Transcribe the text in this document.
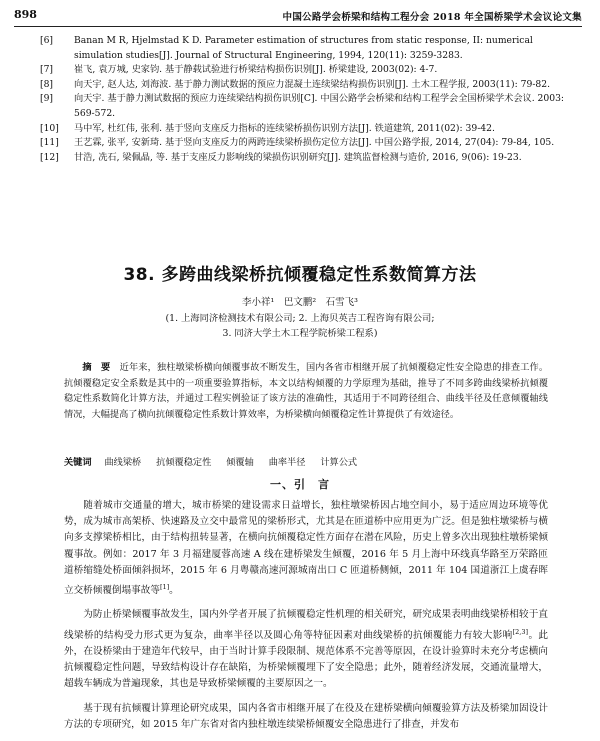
898	中国公路学会桥梁和结构工程分会 2018 年全国桥梁学术会议论文集

[6] Banan M R, Hjelmstad K D. Parameter estimation of structures from static response, II: numerical simulation studies[J]. Journal of Structural Engineering, 1994, 120(11): 3259-3283.

[7] 崔飞, 袁万城, 史家钧. 基于静载试验进行桥梁结构损伤识别[J]. 桥梁建设, 2003(02): 4-7.

[8] 向天宇, 赵人达, 刘海波. 基于静力测试数据的预应力混凝土连续梁结构损伤识别[J]. 土木工程学报, 2003(11): 79-82.

[9] 向天宇. 基于静力测试数据的预应力连续梁结构损伤识别[C]. 中国公路学会桥梁和结构工程学会全国桥梁学术会议. 2003: 569-572.

[10] 马中军, 杜红伟, 张利. 基于竖向支座反力指标的连续梁桥损伤识别方法[J]. 铁道建筑, 2011(02): 39-42.

[11] 王艺霖, 张平, 安新琦. 基于竖向支座反力的两跨连续梁桥损伤定位方法[J]. 中国公路学报, 2014, 27(04): 79-84, 105.

[12] 甘浩, 冼石, 梁佩晶, 等. 基于支座反力影响线的梁损伤识别研究[J]. 建筑监督检测与造价, 2016, 9(06): 19-23.

38. 多跨曲线梁桥抗倾覆稳定性系数简算方法
李小祥¹　巴文鹏²　石雪飞³
(1. 上海同济检测技术有限公司; 2. 上海贝英吉工程咨询有限公司;
3. 同济大学土木工程学院桥梁工程系)
摘　要　 近年来，独柱墩梁桥横向倾覆事故不断发生，国内各省市相继开展了抗倾覆稳定性安全隐患的排查工作。抗倾覆稳定安全系数是其中的一项重要验算指标，本文以结构倾覆的力学原理为基础，推导了不同多跨曲线梁桥抗倾覆稳定性系数简化计算方法，并通过工程实例验证了该方法的准确性，其适用于不同跨径组合、曲线半径及任意倾覆轴线情况，大幅提高了横向抗倾覆稳定性系数计算效率，为桥梁横向倾覆稳定性计算提供了有效途径。
关键词 曲线梁桥 抗倾覆稳定性 倾覆轴 曲率半径 计算公式
一、引　言

随着城市交通量的增大，城市桥梁的建设需求日益增长，独柱墩梁桥因占地空间小，易于适应周边环境等优势，成为城市高架桥、快速路及立交中最常见的梁桥形式，尤其是在匝道桥中应用更为广泛。但是独柱墩梁桥与横向多支撑梁桥相比，由于结构扭转显著，在横向抗倾覆稳定性方面存在潜在风险，历史上曾多次出现独柱墩桥梁倾覆事故。例如：2017 年 3 月福建厦蓉高速 A 线在建桥梁发生倾覆，2016 年 5 月上海中环线真华路至万荣路匝道桥缩缝处桥面倾斜损坏，2015 年 6 月粤赣高速河源城南出口 C 匝道桥侧倾，2011 年 104 国道浙江上虞春晖立交桥倾覆倒塌事故等[1]。

为防止桥梁倾覆事故发生，国内外学者开展了抗倾覆稳定性机理的相关研究，研究成果表明曲线梁桥相较于直线梁桥的结构受力形式更为复杂，曲率半径以及圆心角等特征因素对曲线梁桥的抗倾覆能力有较大影响[2,3]。此外，在设桥梁由于建造年代较早，由于当时计算手段限制、规范体系不完善等原因，在设计验算时未充分考虑横向抗倾覆稳定性问题，导致结构设计存在缺陷，为桥梁倾覆埋下了安全隐患；此外，随着经济发展，交通流量增大，超载车辆成为普遍现象，其也是导致桥梁倾覆的主要原因之一。

基于现有抗倾覆计算理论研究成果，国内各省市相继开展了在役及在建桥梁横向倾覆验算方法及桥梁加固设计方法的专项研究，如 2015 年广东省对省内独柱墩连续梁桥倾覆安全隐患进行了排查，并发布
